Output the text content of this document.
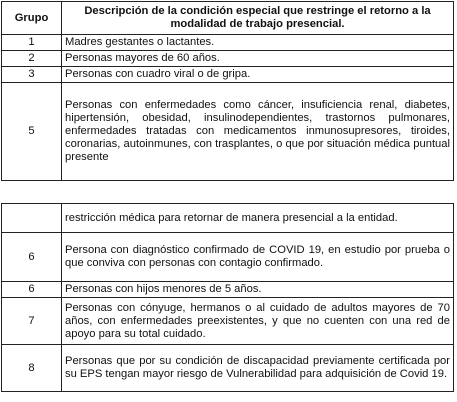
Grupo	Descripción de la condición especial que restringe el retorno a la modalidad de trabajo presencial.
1	Madres gestantes o lactantes.
2	Personas mayores de 60 años.
3	Personas con cuadro viral o de gripa.
5	Personas con enfermedades como cáncer, insuficiencia renal, diabetes, hipertensión, obesidad, insulinodependientes, trastornos pulmonares, enfermedades tratadas con medicamentos inmunosupresores, tiroides, coronarias, autoinmunes, con trasplantes, o que por situación médica puntual presente
	restricción médica para retornar de manera presencial a la entidad.
6	Persona con diagnóstico confirmado de COVID 19, en estudio por prueba o que conviva con personas con contagio confirmado.
6	Personas con hijos menores de 5 años.
7	Personas con cónyuge, hermanos o al cuidado de adultos mayores de 70 años, con enfermedades preexistentes, y que no cuenten con una red de apoyo para su total cuidado.
8	Personas que por su condición de discapacidad previamente certificada por su EPS tengan mayor riesgo de Vulnerabilidad para adquisición de Covid 19.
